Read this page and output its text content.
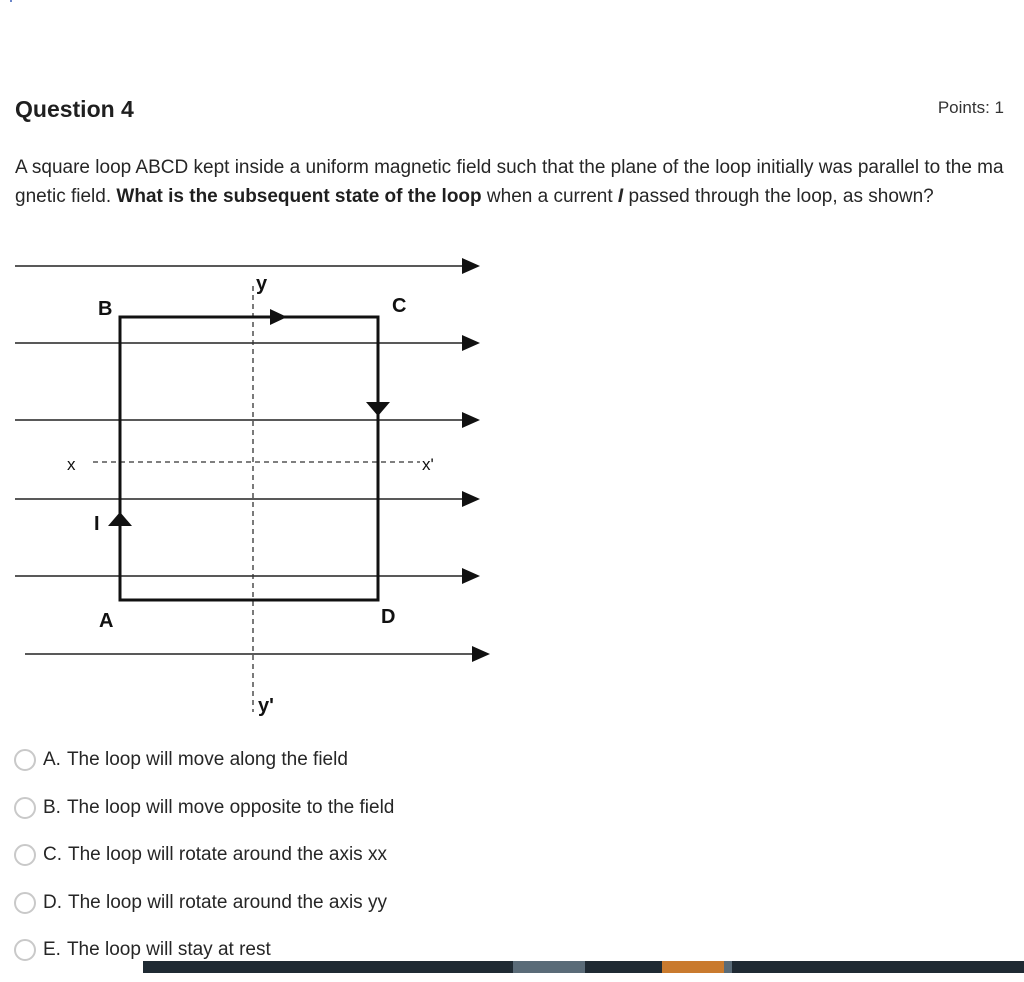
Question 4	Points: 1
A square loop ABCD kept inside a uniform magnetic field such that the plane of the loop initially was parallel to the magnetic field. What is the subsequent state of the loop when a current I passed through the loop, as shown?
B	C
A	D
y
y'
x	x'
I
A. The loop will move along the field
B. The loop will move opposite to the field
C. The loop will rotate around the axis xx
D. The loop will rotate around the axis yy
E. The loop will stay at rest
